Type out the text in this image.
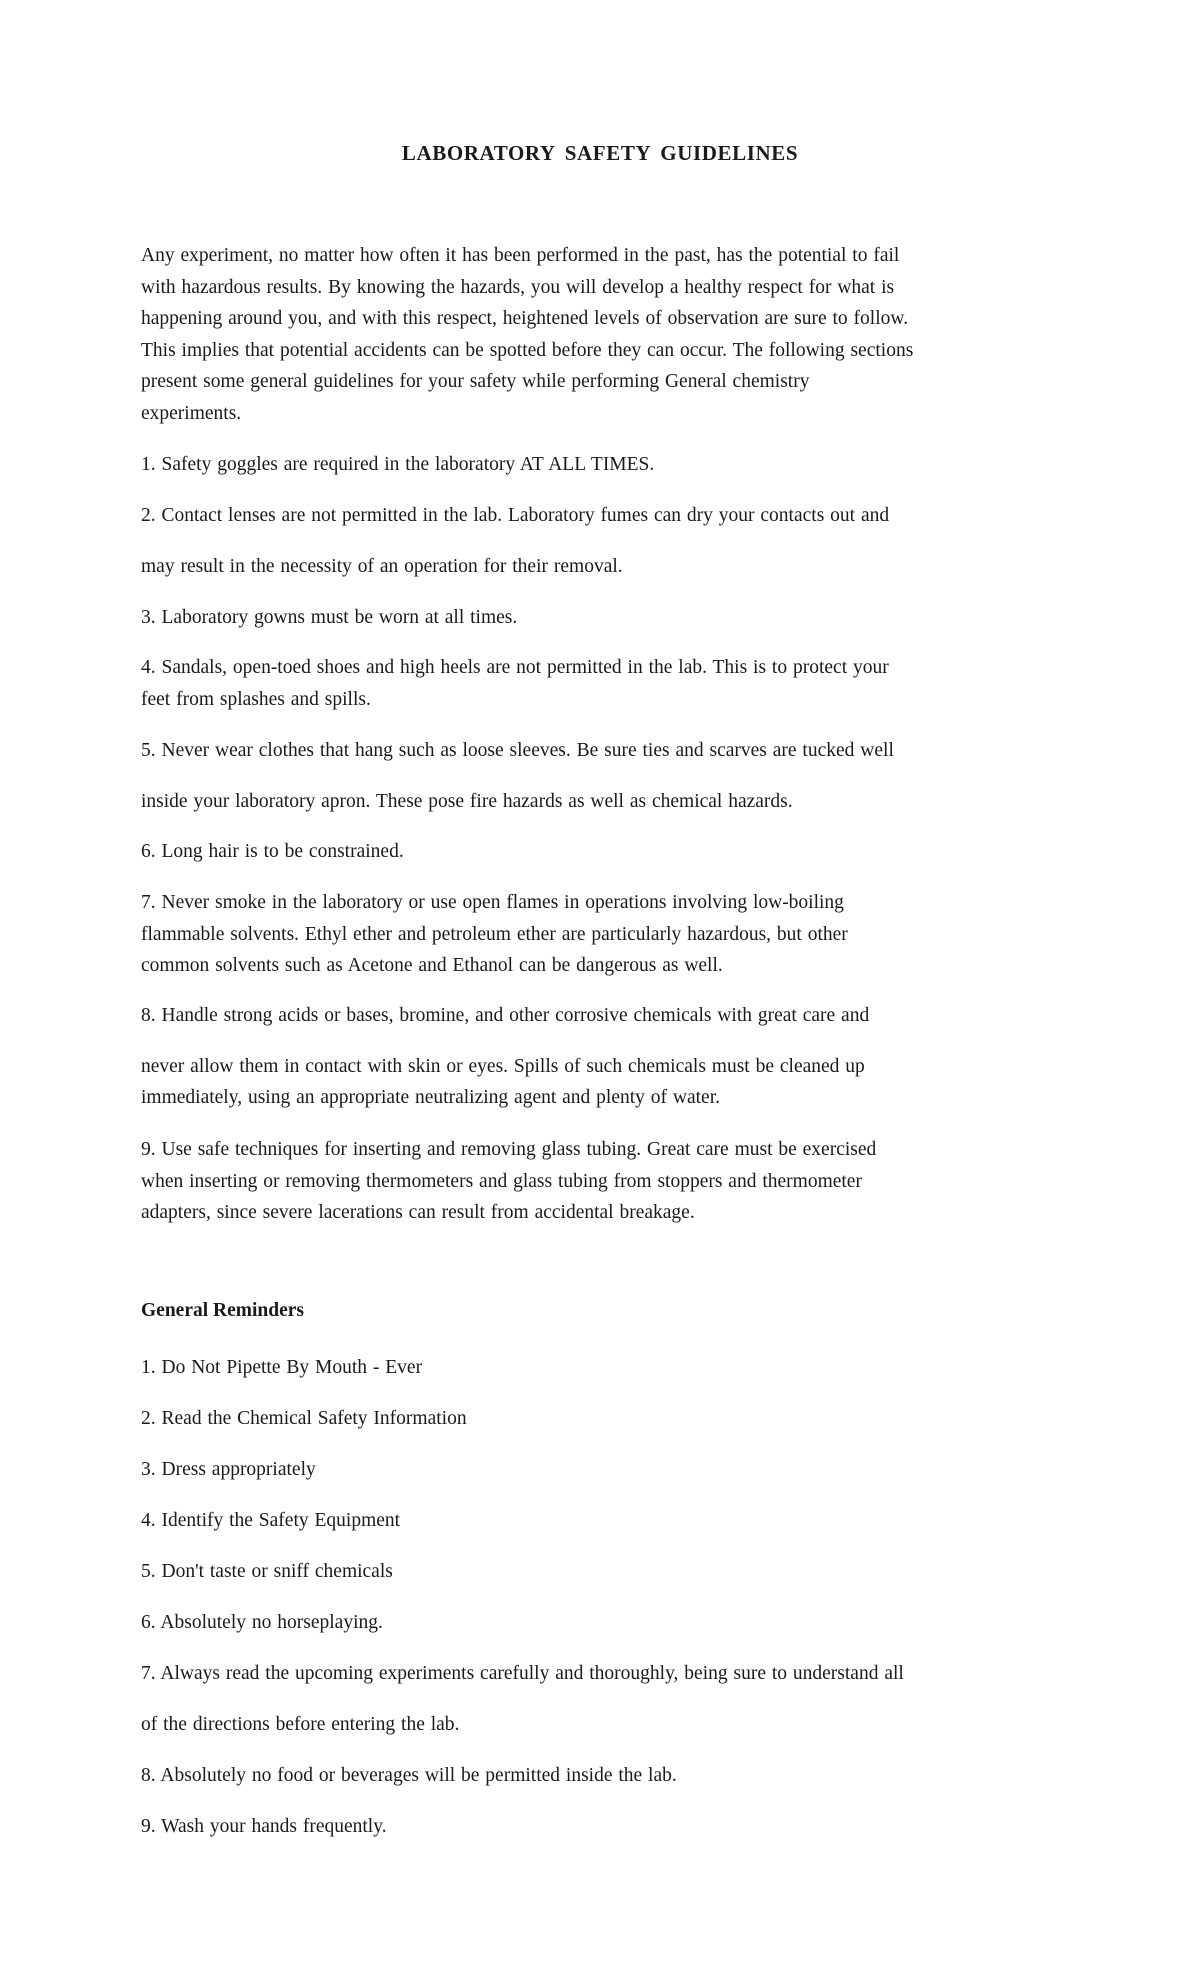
LABORATORY SAFETY GUIDELINES

Any experiment, no matter how often it has been performed in the past, has the potential to fail
with hazardous results. By knowing the hazards, you will develop a healthy respect for what is
happening around you, and with this respect, heightened levels of observation are sure to follow.
This implies that potential accidents can be spotted before they can occur. The following sections
present some general guidelines for your safety while performing General chemistry
experiments.

1. Safety goggles are required in the laboratory AT ALL TIMES.

2. Contact lenses are not permitted in the lab. Laboratory fumes can dry your contacts out and
may result in the necessity of an operation for their removal.

3. Laboratory gowns must be worn at all times.

4. Sandals, open-toed shoes and high heels are not permitted in the lab. This is to protect your
feet from splashes and spills.

5. Never wear clothes that hang such as loose sleeves. Be sure ties and scarves are tucked well
inside your laboratory apron. These pose fire hazards as well as chemical hazards.

6. Long hair is to be constrained.

7. Never smoke in the laboratory or use open flames in operations involving low-boiling
flammable solvents. Ethyl ether and petroleum ether are particularly hazardous, but other
common solvents such as Acetone and Ethanol can be dangerous as well.

8. Handle strong acids or bases, bromine, and other corrosive chemicals with great care and
never allow them in contact with skin or eyes. Spills of such chemicals must be cleaned up
immediately, using an appropriate neutralizing agent and plenty of water.

9. Use safe techniques for inserting and removing glass tubing. Great care must be exercised
when inserting or removing thermometers and glass tubing from stoppers and thermometer
adapters, since severe lacerations can result from accidental breakage.

General Reminders

1. Do Not Pipette By Mouth - Ever

2. Read the Chemical Safety Information

3. Dress appropriately

4. Identify the Safety Equipment

5. Don't taste or sniff chemicals

6. Absolutely no horseplaying.

7. Always read the upcoming experiments carefully and thoroughly, being sure to understand all
of the directions before entering the lab.

8. Absolutely no food or beverages will be permitted inside the lab.

9. Wash your hands frequently.
